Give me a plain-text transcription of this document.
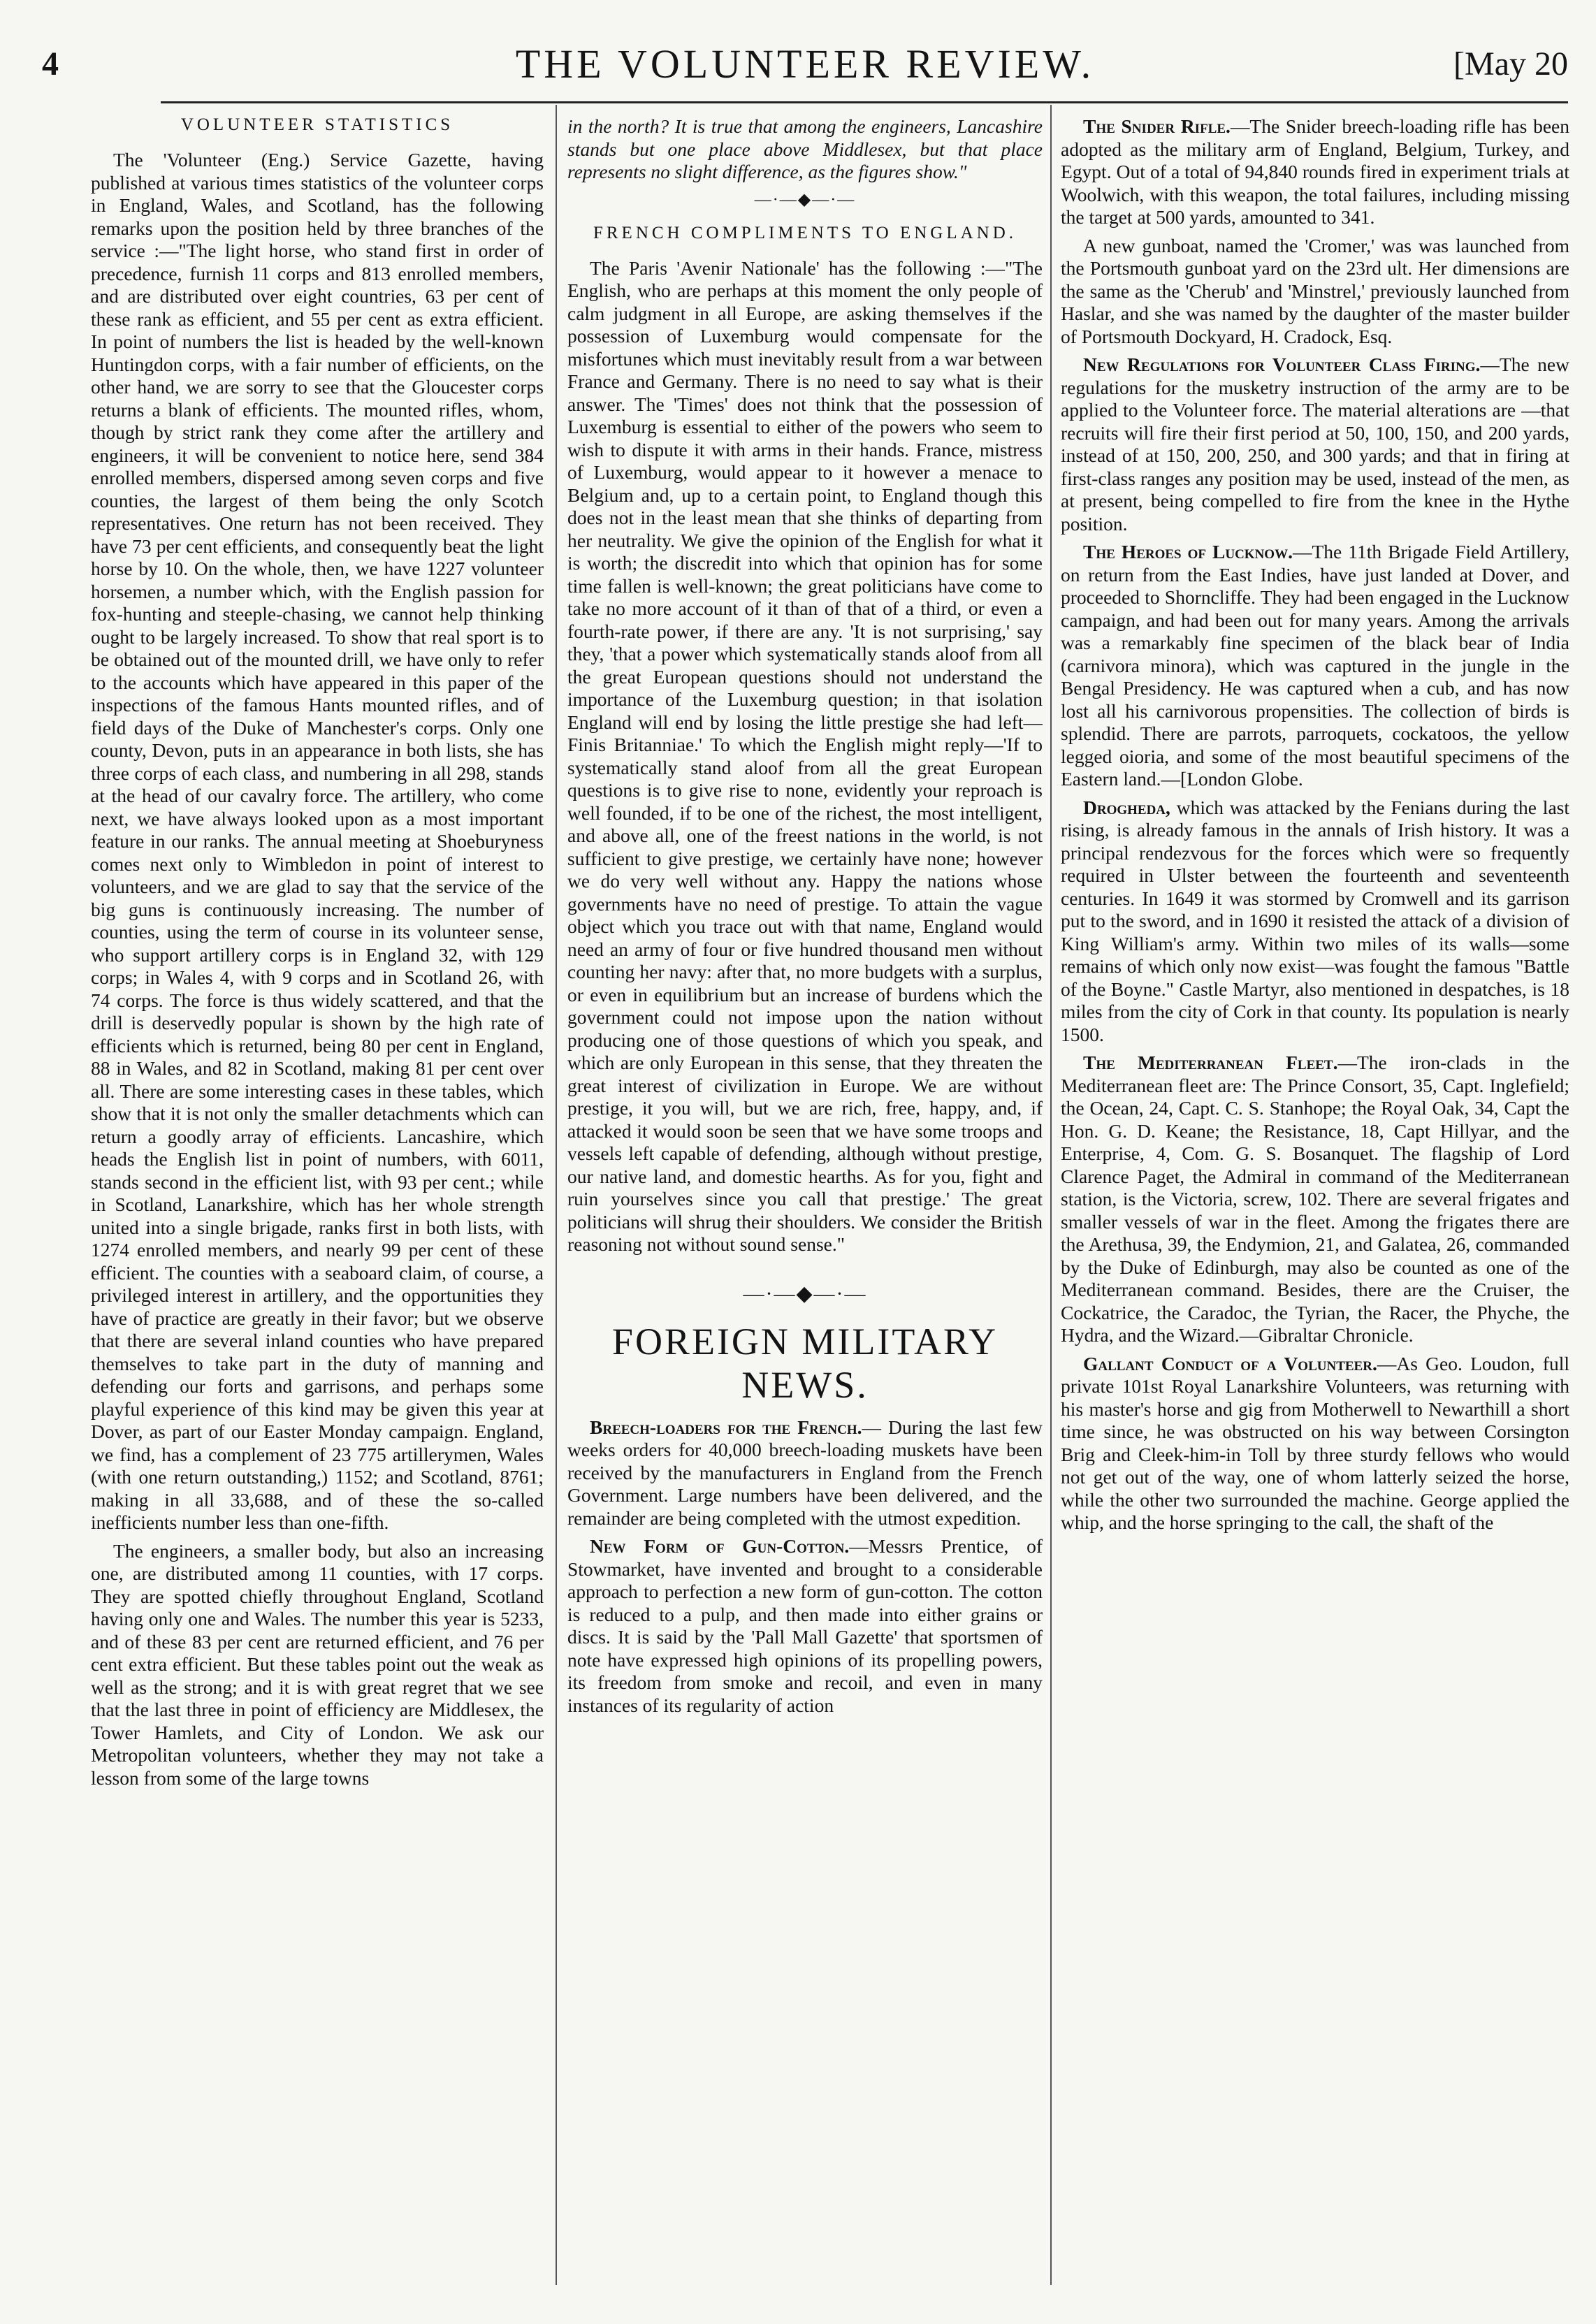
4	THE VOLUNTEER REVIEW.	[May 20
VOLUNTEER STATISTICS

The 'Volunteer (Eng.) Service Gazette, having published at various times statistics of the volunteer corps in England, Wales, and Scotland, has the following remarks upon the position held by three branches of the service :—"The light horse, who stand first in order of precedence, furnish 11 corps and 813 enrolled members, and are distributed over eight countries, 63 per cent of these rank as efficient, and 55 per cent as extra efficient. In point of numbers the list is headed by the well-known Huntingdon corps, with a fair number of efficients, on the other hand, we are sorry to see that the Gloucester corps returns a blank of efficients. The mounted rifles, whom, though by strict rank they come after the artillery and engineers, it will be convenient to notice here, send 384 enrolled members, dispersed among seven corps and five counties, the largest of them being the only Scotch representatives. One return has not been received. They have 73 per cent efficients, and consequently beat the light horse by 10. On the whole, then, we have 1227 volunteer horsemen, a number which, with the English passion for fox-hunting and steeple-chasing, we cannot help thinking ought to be largely increased. To show that real sport is to be obtained out of the mounted drill, we have only to refer to the accounts which have appeared in this paper of the inspections of the famous Hants mounted rifles, and of field days of the Duke of Manchester's corps. Only one county, Devon, puts in an appearance in both lists, she has three corps of each class, and numbering in all 298, stands at the head of our cavalry force. The artillery, who come next, we have always looked upon as a most important feature in our ranks. The annual meeting at Shoeburyness comes next only to Wimbledon in point of interest to volunteers, and we are glad to say that the service of the big guns is continuously increasing. The number of counties, using the term of course in its volunteer sense, who support artillery corps is in England 32, with 129 corps; in Wales 4, with 9 corps and in Scotland 26, with 74 corps. The force is thus widely scattered, and that the drill is deservedly popular is shown by the high rate of efficients which is returned, being 80 per cent in England, 88 in Wales, and 82 in Scotland, making 81 per cent over all. There are some interesting cases in these tables, which show that it is not only the smaller detachments which can return a goodly array of efficients. Lancashire, which heads the English list in point of numbers, with 6011, stands second in the efficient list, with 93 per cent.; while in Scotland, Lanarkshire, which has her whole strength united into a single brigade, ranks first in both lists, with 1274 enrolled members, and nearly 99 per cent of these efficient. The counties with a seaboard claim, of course, a privileged interest in artillery, and the opportunities they have of practice are greatly in their favor; but we observe that there are several inland counties who have prepared themselves to take part in the duty of manning and defending our forts and garrisons, and perhaps some playful experience of this kind may be given this year at Dover, as part of our Easter Monday campaign. England, we find, has a complement of 23 775 artillerymen, Wales (with one return outstanding,) 1152; and Scotland, 8761; making in all 33,688, and of these the so-called inefficients number less than one-fifth.

The engineers, a smaller body, but also an increasing one, are distributed among 11 counties, with 17 corps. They are spotted chiefly throughout England, Scotland having only one and Wales. The number this year is 5233, and of these 83 per cent are returned efficient, and 76 per cent extra efficient. But these tables point out the weak as well as the strong; and it is with great regret that we see that the last three in point of efficiency are Middlesex, the Tower Hamlets, and City of London. We ask our Metropolitan volunteers, whether they may not take a lesson from some of the large towns

in the north? It is true that among the engineers, Lancashire stands but one place above Middlesex, but that place represents no slight difference, as the figures show."

—·—◆—·—
FRENCH COMPLIMENTS TO ENGLAND.

The Paris 'Avenir Nationale' has the following :—"The English, who are perhaps at this moment the only people of calm judgment in all Europe, are asking themselves if the possession of Luxemburg would compensate for the misfortunes which must inevitably result from a war between France and Germany. There is no need to say what is their answer. The 'Times' does not think that the possession of Luxemburg is essential to either of the powers who seem to wish to dispute it with arms in their hands. France, mistress of Luxemburg, would appear to it however a menace to Belgium and, up to a certain point, to England though this does not in the least mean that she thinks of departing from her neutrality. We give the opinion of the English for what it is worth; the discredit into which that opinion has for some time fallen is well-known; the great politicians have come to take no more account of it than of that of a third, or even a fourth-rate power, if there are any. 'It is not surprising,' say they, 'that a power which systematically stands aloof from all the great European questions should not understand the importance of the Luxemburg question; in that isolation England will end by losing the little prestige she had left—Finis Britanniae.' To which the English might reply—'If to systematically stand aloof from all the great European questions is to give rise to none, evidently your reproach is well founded, if to be one of the richest, the most intelligent, and above all, one of the freest nations in the world, is not sufficient to give prestige, we certainly have none; however we do very well without any. Happy the nations whose governments have no need of prestige. To attain the vague object which you trace out with that name, England would need an army of four or five hundred thousand men without counting her navy: after that, no more budgets with a surplus, or even in equilibrium but an increase of burdens which the government could not impose upon the nation without producing one of those questions of which you speak, and which are only European in this sense, that they threaten the great interest of civilization in Europe. We are without prestige, it you will, but we are rich, free, happy, and, if attacked it would soon be seen that we have some troops and vessels left capable of defending, although without prestige, our native land, and domestic hearths. As for you, fight and ruin yourselves since you call that prestige.' The great politicians will shrug their shoulders. We consider the British reasoning not without sound sense."

—·—◆—·—
FOREIGN MILITARY NEWS.

Breech-loaders for the French.— During the last few weeks orders for 40,000 breech-loading muskets have been received by the manufacturers in England from the French Government. Large numbers have been delivered, and the remainder are being completed with the utmost expedition.

New Form of Gun-Cotton.—Messrs Prentice, of Stowmarket, have invented and brought to a considerable approach to perfection a new form of gun-cotton. The cotton is reduced to a pulp, and then made into either grains or discs. It is said by the 'Pall Mall Gazette' that sportsmen of note have expressed high opinions of its propelling powers, its freedom from smoke and recoil, and even in many instances of its regularity of action

The Snider Rifle.—The Snider breech-loading rifle has been adopted as the military arm of England, Belgium, Turkey, and Egypt. Out of a total of 94,840 rounds fired in experiment trials at Woolwich, with this weapon, the total failures, including missing the target at 500 yards, amounted to 341.

A new gunboat, named the 'Cromer,' was was launched from the Portsmouth gunboat yard on the 23rd ult. Her dimensions are the same as the 'Cherub' and 'Minstrel,' previously launched from Haslar, and she was named by the daughter of the master builder of Portsmouth Dockyard, H. Cradock, Esq.

New Regulations for Volunteer Class Firing.—The new regulations for the musketry instruction of the army are to be applied to the Volunteer force. The material alterations are —that recruits will fire their first period at 50, 100, 150, and 200 yards, instead of at 150, 200, 250, and 300 yards; and that in firing at first-class ranges any position may be used, instead of the men, as at present, being compelled to fire from the knee in the Hythe position.

The Heroes of Lucknow.—The 11th Brigade Field Artillery, on return from the East Indies, have just landed at Dover, and proceeded to Shorncliffe. They had been engaged in the Lucknow campaign, and had been out for many years. Among the arrivals was a remarkably fine specimen of the black bear of India (carnivora minora), which was captured in the jungle in the Bengal Presidency. He was captured when a cub, and has now lost all his carnivorous propensities. The collection of birds is splendid. There are parrots, parroquets, cockatoos, the yellow legged oioria, and some of the most beautiful specimens of the Eastern land.—[London Globe.

Drogheda, which was attacked by the Fenians during the last rising, is already famous in the annals of Irish history. It was a principal rendezvous for the forces which were so frequently required in Ulster between the fourteenth and seventeenth centuries. In 1649 it was stormed by Cromwell and its garrison put to the sword, and in 1690 it resisted the attack of a division of King William's army. Within two miles of its walls—some remains of which only now exist—was fought the famous "Battle of the Boyne." Castle Martyr, also mentioned in despatches, is 18 miles from the city of Cork in that county. Its population is nearly 1500.

The Mediterranean Fleet.—The iron-clads in the Mediterranean fleet are: The Prince Consort, 35, Capt. Inglefield; the Ocean, 24, Capt. C. S. Stanhope; the Royal Oak, 34, Capt the Hon. G. D. Keane; the Resistance, 18, Capt Hillyar, and the Enterprise, 4, Com. G. S. Bosanquet. The flagship of Lord Clarence Paget, the Admiral in command of the Mediterranean station, is the Victoria, screw, 102. There are several frigates and smaller vessels of war in the fleet. Among the frigates there are the Arethusa, 39, the Endymion, 21, and Galatea, 26, commanded by the Duke of Edinburgh, may also be counted as one of the Mediterranean command. Besides, there are the Cruiser, the Cockatrice, the Caradoc, the Tyrian, the Racer, the Phyche, the Hydra, and the Wizard.—Gibraltar Chronicle.

Gallant Conduct of a Volunteer.—As Geo. Loudon, full private 101st Royal Lanarkshire Volunteers, was returning with his master's horse and gig from Motherwell to Newarthill a short time since, he was obstructed on his way between Corsington Brig and Cleek-him-in Toll by three sturdy fellows who would not get out of the way, one of whom latterly seized the horse, while the other two surrounded the machine. George applied the whip, and the horse springing to the call, the shaft of the
